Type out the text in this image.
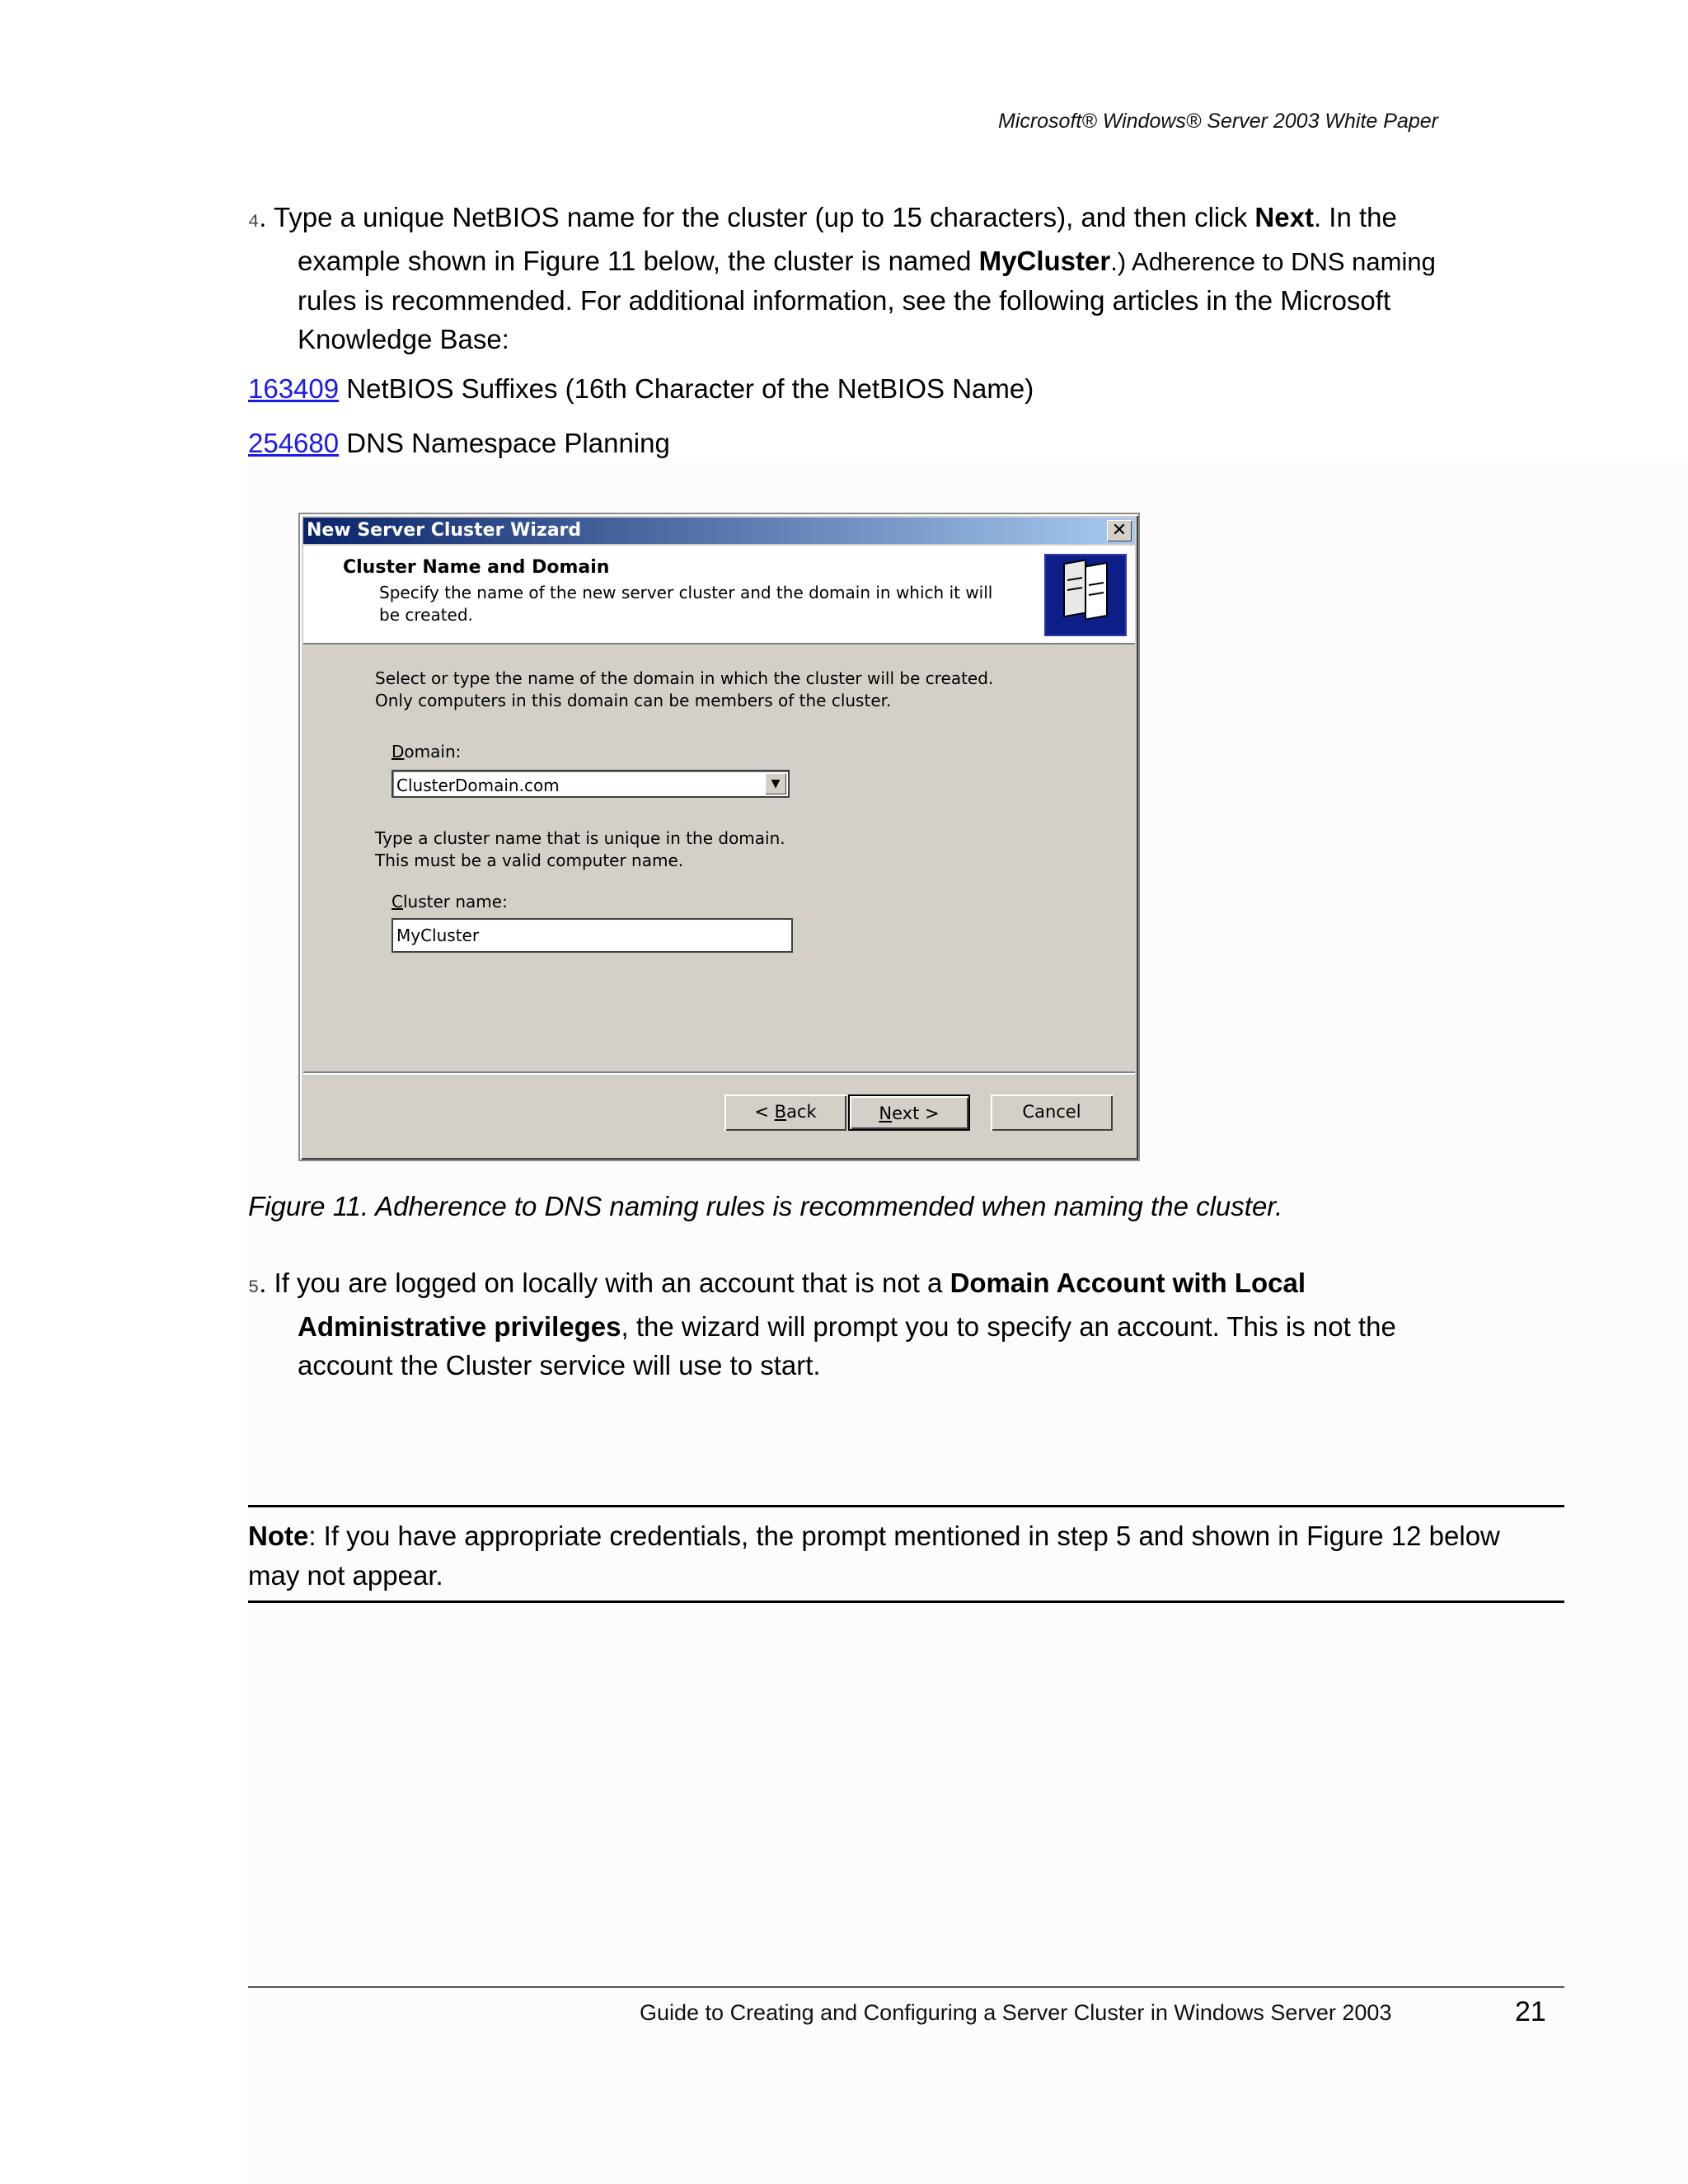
Microsoft® Windows® Server 2003 White Paper
4. Type a unique NetBIOS name for the cluster (up to 15 characters), and then click Next. In the
example shown in Figure 11 below, the cluster is named MyCluster.) Adherence to DNS naming
rules is recommended. For additional information, see the following articles in the Microsoft
Knowledge Base:
163409 NetBIOS Suffixes (16th Character of the NetBIOS Name)
254680 DNS Namespace Planning
New Server Cluster Wizard	✕
Cluster Name and Domain
Specify the name of the new server cluster and the domain in which it will be created.
Select or type the name of the domain in which the cluster will be created. Only computers in this domain can be members of the cluster.
Domain:
ClusterDomain.com	▼
Type a cluster name that is unique in the domain.
This must be a valid computer name.
Cluster name:
MyCluster
< Back	Next >	Cancel
Figure 11. Adherence to DNS naming rules is recommended when naming the cluster.
5. If you are logged on locally with an account that is not a Domain Account with Local
Administrative privileges, the wizard will prompt you to specify an account. This is not the
account the Cluster service will use to start.
Note: If you have appropriate credentials, the prompt mentioned in step 5 and shown in Figure 12 below may not appear.
Guide to Creating and Configuring a Server Cluster in Windows Server 2003	21
